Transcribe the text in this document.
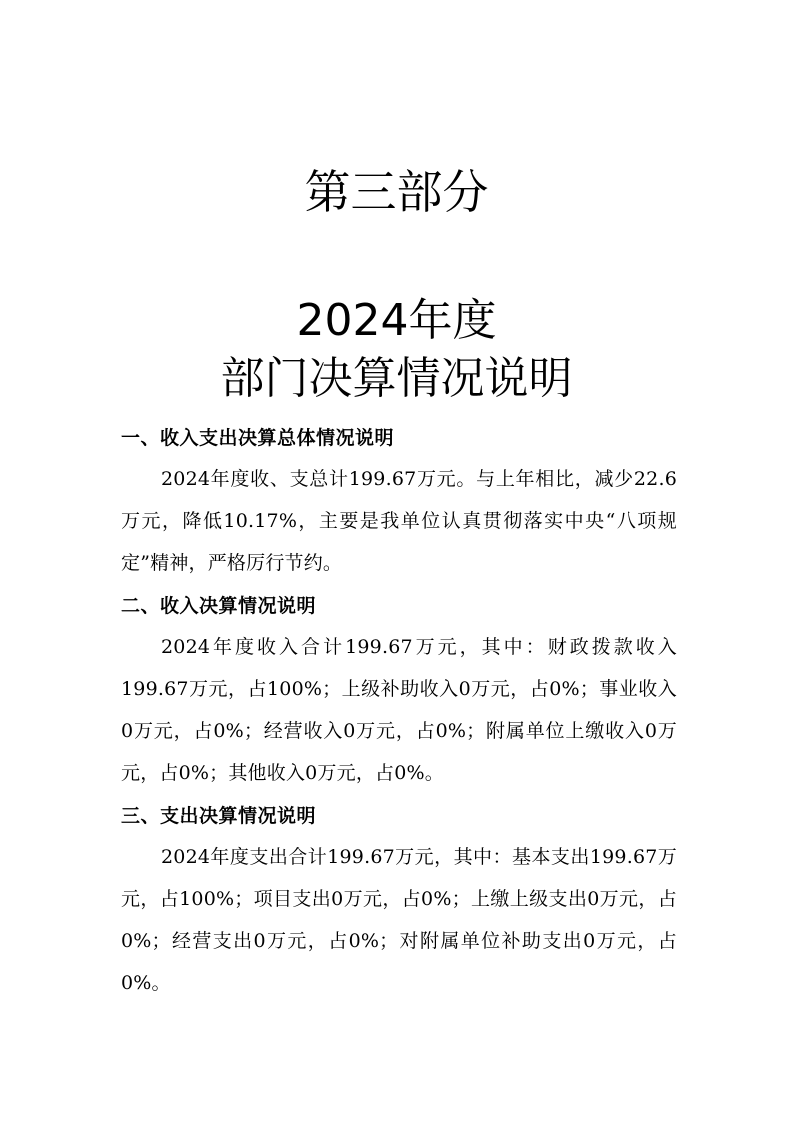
第三部分
2024年度
部门决算情况说明
一、收入支出决算总体情况说明

2024年度收、支总计199.67万元。与上年相比，减少22.6万元，降低10.17%，主要是我单位认真贯彻落实中央“八项规定”精神，严格厉行节约。

二、收入决算情况说明

2024年度收入合计199.67万元，其中：财政拨款收入199.67万元，占100%；上级补助收入0万元，占0%；事业收入0万元，占0%；经营收入0万元，占0%；附属单位上缴收入0万元，占0%；其他收入0万元，占0%。

三、支出决算情况说明

2024年度支出合计199.67万元，其中：基本支出199.67万元，占100%；项目支出0万元，占0%；上缴上级支出0万元，占0%；经营支出0万元，占0%；对附属单位补助支出0万元，占0%。
